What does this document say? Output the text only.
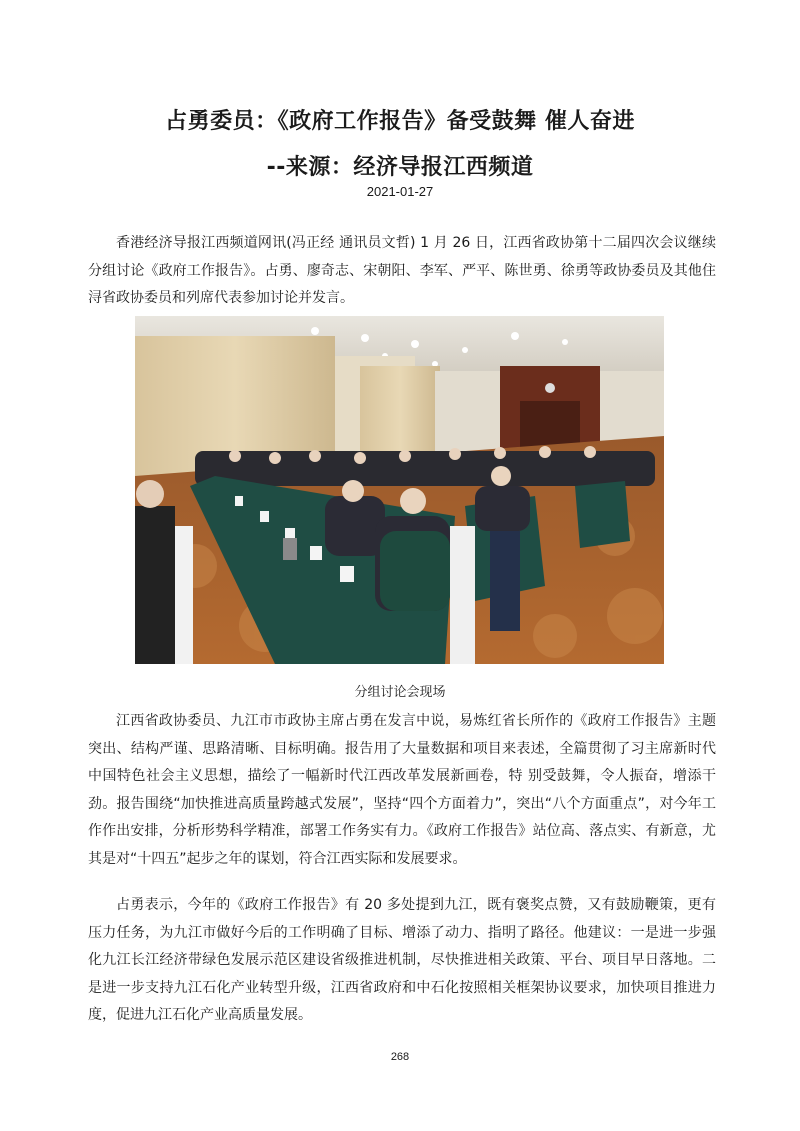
占勇委员：《政府工作报告》备受鼓舞 催人奋进
--来源：经济导报江西频道
2021-01-27

香港经济导报江西频道网讯(冯正经 通讯员文哲) 1 月 26 日，江西省政协第十二届四次会议继续分组讨论《政府工作报告》。占勇、廖奇志、宋朝阳、李军、严平、陈世勇、徐勇等政协委员及其他住浔省政协委员和列席代表参加讨论并发言。

分组讨论会现场

江西省政协委员、九江市市政协主席占勇在发言中说，易炼红省长所作的《政府工作报告》主题突出、结构严谨、思路清晰、目标明确。报告用了大量数据和项目来表述，全篇贯彻了习主席新时代中国特色社会主义思想，描绘了一幅新时代江西改革发展新画卷，特 别受鼓舞，令人振奋，增添干劲。报告围绕“加快推进高质量跨越式发展”，坚持“四个方面着力”，突出“八个方面重点”，对今年工作作出安排，分析形势科学精准，部署工作务实有力。《政府工作报告》站位高、落点实、有新意，尤其是对“十四五”起步之年的谋划，符合江西实际和发展要求。

占勇表示，今年的《政府工作报告》有 20 多处提到九江，既有褒奖点赞，又有鼓励鞭策，更有压力任务，为九江市做好今后的工作明确了目标、增添了动力、指明了路径。他建议：一是进一步强化九江长江经济带绿色发展示范区建设省级推进机制，尽快推进相关政策、平台、项目早日落地。二是进一步支持九江石化产业转型升级，江西省政府和中石化按照相关框架协议要求，加快项目推进力度，促进九江石化产业高质量发展。

268
